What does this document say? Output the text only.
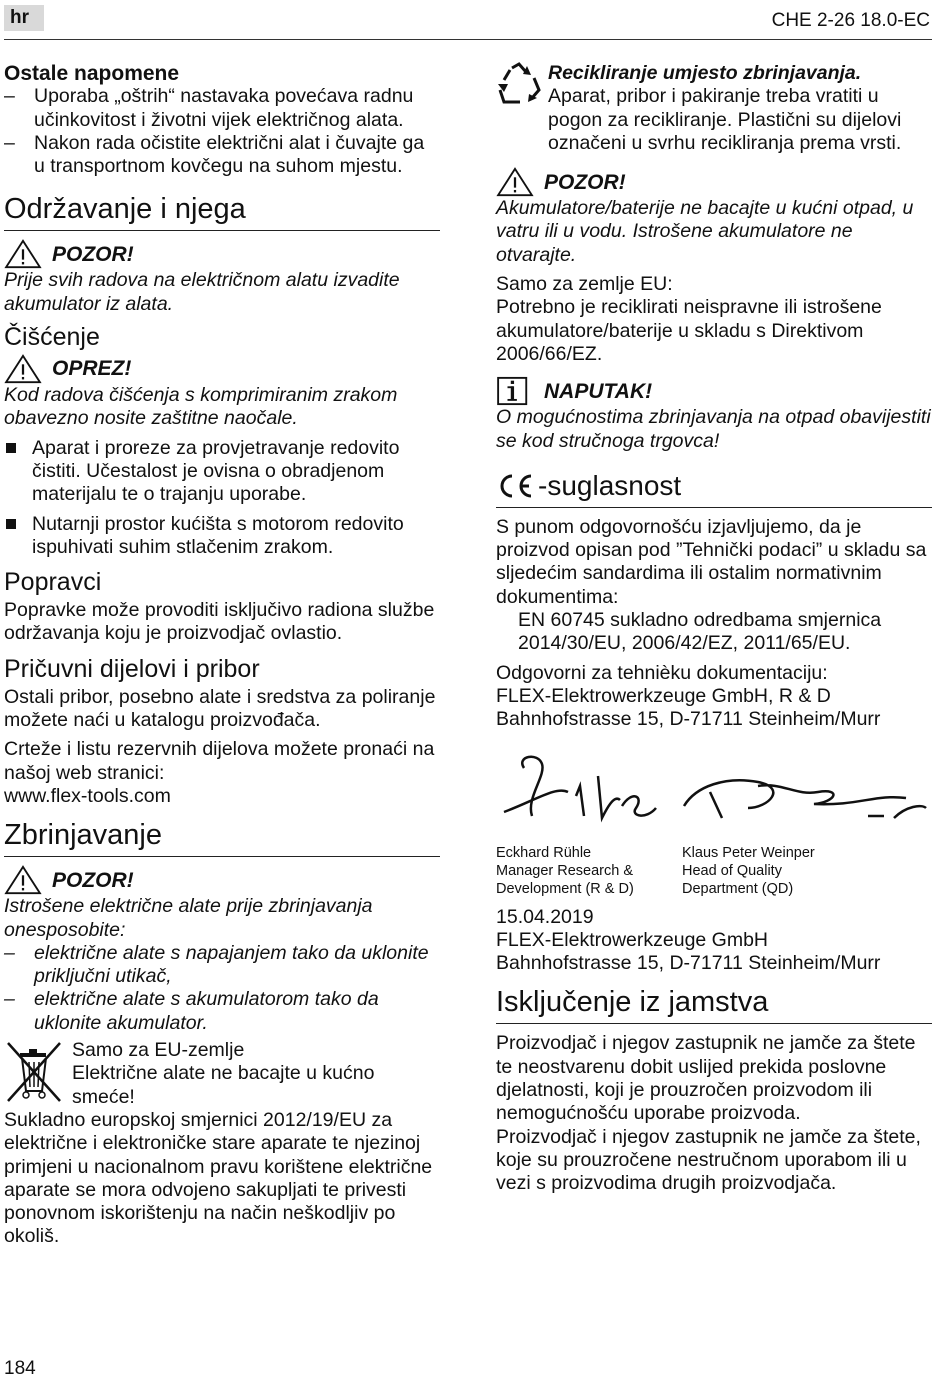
hr	CHE 2-26 18.0-EC

Ostale napomene

– Uporaba „oštrih“ nastavaka povećava radnu učinkovitost i životni vijek električnog alata.

– Nakon rada očistite električni alat i čuvajte ga u transportnom kovčegu na suhom mjestu.

Održavanje i njega

POZOR!

Prije svih radova na električnom alatu izvadite akumulator iz alata.

Čišćenje

OPREZ!

Kod radova čišćenja s komprimiranim zrakom obavezno nosite zaštitne naočale.

Aparat i proreze za provjetravanje redovito čistiti. Učestalost je ovisna o obradjenom materijalu te o trajanju uporabe.

Nutarnji prostor kućišta s motorom redovito ispuhivati suhim stlačenim zrakom.

Popravci

Popravke može provoditi isključivo radiona službe održavanja koju je proizvodjač ovlastio.

Pričuvni dijelovi i pribor

Ostali pribor, posebno alate i sredstva za poliranje možete naći u katalogu proizvođača.

Crteže i listu rezervnih dijelova možete pronaći na našoj web stranici:

www.flex-tools.com

Zbrinjavanje

POZOR!

Istrošene električne alate prije zbrinjavanja onesposobite:

– električne alate s napajanjem tako da uklonite priključni utikač,

– električne alate s akumulatorom tako da uklonite akumulator.

Samo za EU-zemlje

Električne alate ne bacajte u kućno smeće!

Sukladno europskoj smjernici 2012/19/EU za električne i elektroničke stare aparate te njezinoj primjeni u nacionalnom pravu korištene električne aparate se mora odvojeno sakupljati te privesti ponovnom iskorištenju na način neškodljiv po okoliš.

Recikliranje umjesto zbrinjavanja.

Aparat, pribor i pakiranje treba vratiti u pogon za recikliranje. Plastični su dijelovi označeni u svrhu recikliranja prema vrsti.

POZOR!

Akumulatore/baterije ne bacajte u kućni otpad, u vatru ili u vodu. Istrošene akumulatore ne otvarajte.

Samo za zemlje EU:

Potrebno je reciklirati neispravne ili istrošene akumulatore/baterije u skladu s Direktivom 2006/66/EZ.

NAPUTAK!

O mogućnostima zbrinjavanja na otpad obavijestiti se kod stručnoga trgovca!

-suglasnost

S punom odgovornošću izjavljujemo, da je proizvod opisan pod ”Tehnički podaci” u skladu sa sljedećim sandardima ili ostalim normativnim dokumentima:

EN 60745 sukladno odredbama smjernica 2014/30/EU, 2006/42/EZ, 2011/65/EU.

Odgovorni za tehnièku dokumentaciju:

FLEX-Elektrowerkzeuge GmbH, R & D

Bahnhofstrasse 15, D-71711 Steinheim/Murr

Eckhard Rühle
Manager Research &
Development (R & D)
Klaus Peter Weinper
Head of Quality
Department (QD)

15.04.2019

FLEX-Elektrowerkzeuge GmbH

Bahnhofstrasse 15, D-71711 Steinheim/Murr

Isključenje iz jamstva

Proizvodjač i njegov zastupnik ne jamče za štete te neostvarenu dobit uslijed prekida poslovne djelatnosti, koji je prouzročen proizvodom ili nemogućnošću uporabe proizvoda.

Proizvodjač i njegov zastupnik ne jamče za štete, koje su prouzročene nestručnom uporabom ili u vezi s proizvodima drugih proizvodjača.

184
